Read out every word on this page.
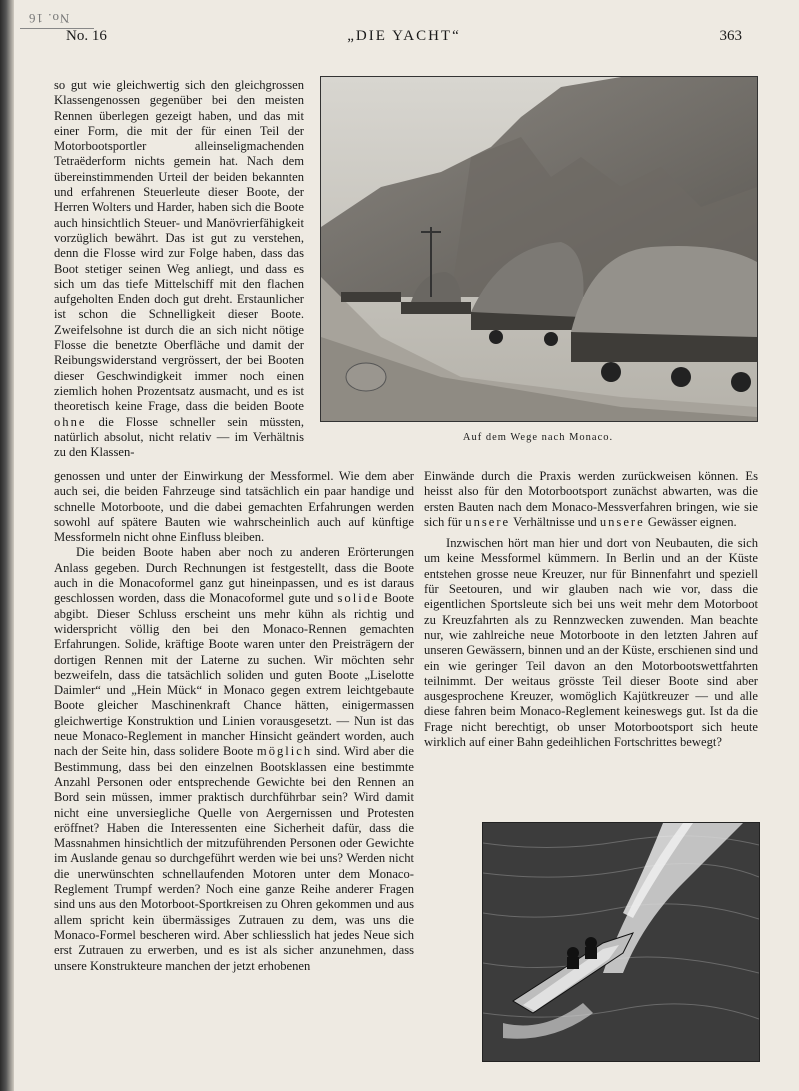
No. 16
No. 16	„DIE YACHT“	363

so gut wie gleichwertig sich den gleichgrossen Klassengenossen gegenüber bei den meisten Rennen überlegen gezeigt haben, und das mit einer Form, die mit der für einen Teil der Motorbootsportler alleinseligmachenden Tetraëderform nichts gemein hat. Nach dem übereinstimmenden Urteil der beiden bekannten und erfahrenen Steuerleute dieser Boote, der Herren Wolters und Harder, haben sich die Boote auch hinsichtlich Steuer- und Manövrierfähigkeit vorzüglich bewährt. Das ist gut zu verstehen, denn die Flosse wird zur Folge haben, dass das Boot stetiger seinen Weg anliegt, und dass es sich um das tiefe Mittelschiff mit den flachen aufgeholten Enden doch gut dreht. Erstaunlicher ist schon die Schnelligkeit dieser Boote. Zweifelsohne ist durch die an sich nicht nötige Flosse die benetzte Oberfläche und damit der Reibungswiderstand vergrössert, der bei Booten dieser Geschwindigkeit immer noch einen ziemlich hohen Prozentsatz ausmacht, und es ist theoretisch keine Frage, dass die beiden Boote ohne die Flosse schneller sein müssten, natürlich absolut, nicht relativ — im Verhältnis zu den Klassen-

Auf dem Wege nach Monaco.

genossen und unter der Einwirkung der Messformel. Wie dem aber auch sei, die beiden Fahrzeuge sind tatsächlich ein paar handige und schnelle Motorboote, und die dabei gemachten Erfahrungen werden sowohl auf spätere Bauten wie wahrscheinlich auch auf künftige Messformeln nicht ohne Einfluss bleiben.

Die beiden Boote haben aber noch zu anderen Erörterungen Anlass gegeben. Durch Rechnungen ist festgestellt, dass die Boote auch in die Monacoformel ganz gut hineinpassen, und es ist daraus geschlossen worden, dass die Monacoformel gute und solide Boote abgibt. Dieser Schluss erscheint uns mehr kühn als richtig und widerspricht völlig den bei den Monaco-Rennen gemachten Erfahrungen. Solide, kräftige Boote waren unter den Preisträgern der dortigen Rennen mit der Laterne zu suchen. Wir möchten sehr bezweifeln, dass die tatsächlich soliden und guten Boote „Liselotte Daimler“ und „Hein Mück“ in Monaco gegen extrem leichtgebaute Boote gleicher Maschinenkraft Chance hätten, einigermassen gleichwertige Konstruktion und Linien vorausgesetzt. — Nun ist das neue Monaco-Reglement in mancher Hinsicht geändert worden, auch nach der Seite hin, dass solidere Boote möglich sind. Wird aber die Bestimmung, dass bei den einzelnen Bootsklassen eine bestimmte Anzahl Personen oder entsprechende Gewichte bei den Rennen an Bord sein müssen, immer praktisch durchführbar sein? Wird damit nicht eine unversiegliche Quelle von Aergernissen und Protesten eröffnet? Haben die Interessenten eine Sicherheit dafür, dass die Massnahmen hinsichtlich der mitzuführenden Personen oder Gewichte im Auslande genau so durchgeführt werden wie bei uns? Werden nicht die unerwünschten schnellaufenden Motoren unter dem Monaco-Reglement Trumpf werden? Noch eine ganze Reihe anderer Fragen sind uns aus den Motorboot-Sportkreisen zu Ohren gekommen und aus allem spricht kein übermässiges Zutrauen zu dem, was uns die Monaco-Formel bescheren wird. Aber schliesslich hat jedes Neue sich erst Zutrauen zu erwerben, und es ist als sicher anzunehmen, dass unsere Konstrukteure manchen der jetzt erhobenen

Einwände durch die Praxis werden zurückweisen können. Es heisst also für den Motorbootsport zunächst abwarten, was die ersten Bauten nach dem Monaco-Messverfahren bringen, wie sie sich für unsere Verhältnisse und unsere Gewässer eignen.

Inzwischen hört man hier und dort von Neubauten, die sich um keine Messformel kümmern. In Berlin und an der Küste entstehen grosse neue Kreuzer, nur für Binnenfahrt und speziell für Seetouren, und wir glauben nach wie vor, dass die eigentlichen Sportsleute sich bei uns weit mehr dem Motorboot zu Kreuzfahrten als zu Rennzwecken zuwenden. Man beachte nur, wie zahlreiche neue Motorboote in den letzten Jahren auf unseren Gewässern, binnen und an der Küste, erschienen sind und ein wie geringer Teil davon an den Motorbootswettfahrten teilnimmt. Der weitaus grösste Teil dieser Boote sind aber ausgesprochene Kreuzer, womöglich Kajütkreuzer — und alle diese fahren beim Monaco-Reglement keineswegs gut. Ist da die Frage nicht berechtigt, ob unser Motorbootsport sich heute wirklich auf einer Bahn gedeihlichen Fortschrittes bewegt?
